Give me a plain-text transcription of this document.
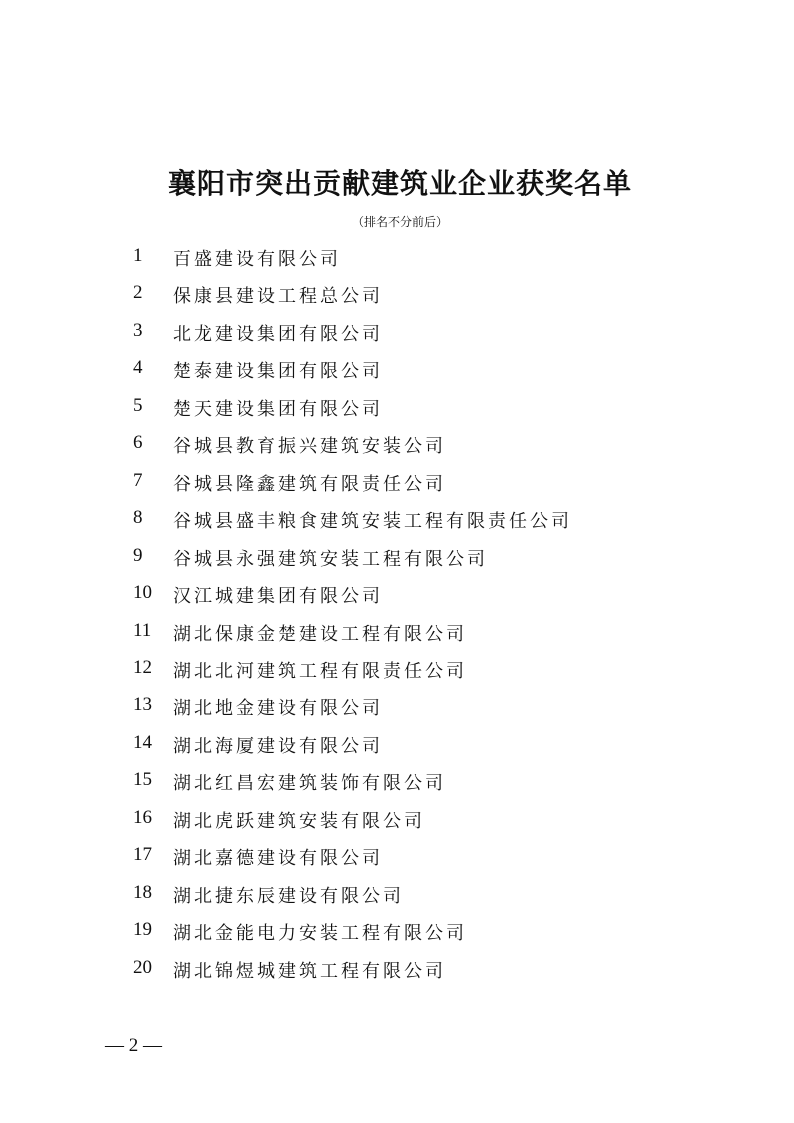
襄阳市突出贡献建筑业企业获奖名单
（排名不分前后）
1	百盛建设有限公司
2	保康县建设工程总公司
3	北龙建设集团有限公司
4	楚泰建设集团有限公司
5	楚天建设集团有限公司
6	谷城县教育振兴建筑安装公司
7	谷城县隆鑫建筑有限责任公司
8	谷城县盛丰粮食建筑安装工程有限责任公司
9	谷城县永强建筑安装工程有限公司
10	汉江城建集团有限公司
11	湖北保康金楚建设工程有限公司
12	湖北北河建筑工程有限责任公司
13	湖北地金建设有限公司
14	湖北海厦建设有限公司
15	湖北红昌宏建筑装饰有限公司
16	湖北虎跃建筑安装有限公司
17	湖北嘉德建设有限公司
18	湖北捷东辰建设有限公司
19	湖北金能电力安装工程有限公司
20	湖北锦煜城建筑工程有限公司
— 2 —
